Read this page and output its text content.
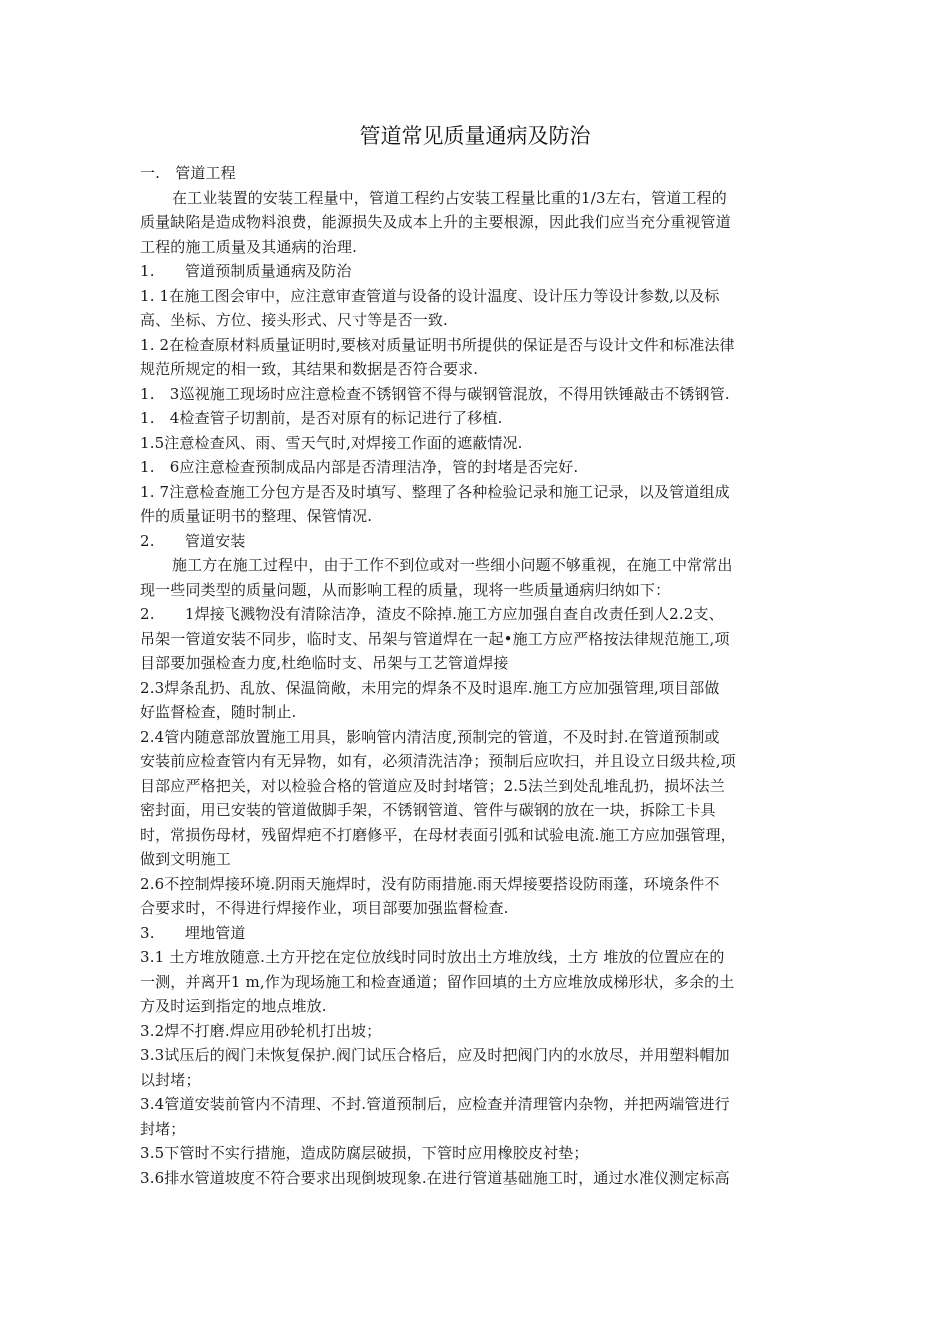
管道常见质量通病及防治
一.　管道工程
在工业装置的安装工程量中，管道工程约占安装工程量比重的1/3左右，管道工程的
质量缺陷是造成物料浪费，能源损失及成本上升的主要根源，因此我们应当充分重视管道
工程的施工质量及其通病的治理.
1.　　管道预制质量通病及防治
1. 1在施工图会审中，应注意审查管道与设备的设计温度、设计压力等设计参数,以及标
高、坐标、方位、接头形式、尺寸等是否一致.
1. 2在检查原材料质量证明时,要核对质量证明书所提供的保证是否与设计文件和标准法律
规范所规定的相一致，其结果和数据是否符合要求.
1.　3巡视施工现场时应注意检查不锈钢管不得与碳钢管混放，不得用铁锤敲击不锈钢管.
1.　4检查管子切割前，是否对原有的标记进行了移植.
1.5注意检查风、雨、雪天气时,对焊接工作面的遮蔽情况.
1.　6应注意检查预制成品内部是否清理洁净，管的封堵是否完好.
1. 7注意检查施工分包方是否及时填写、整理了各种检验记录和施工记录，以及管道组成
件的质量证明书的整理、保管情况.
2.　　管道安装
施工方在施工过程中，由于工作不到位或对一些细小问题不够重视，在施工中常常出
现一些同类型的质量问题，从而影响工程的质量，现将一些质量通病归纳如下：
2.　　1焊接飞溅物没有清除洁净，渣皮不除掉.施工方应加强自查自改责任到人2.2支、
吊架一管道安装不同步，临时支、吊架与管道焊在一起•施工方应严格按法律规范施工,项
目部要加强检查力度,杜绝临时支、吊架与工艺管道焊接
2.3焊条乱扔、乱放、保温筒敞，未用完的焊条不及时退库.施工方应加强管理,项目部做
好监督检查，随时制止.
2.4管内随意部放置施工用具，影响管内清洁度,预制完的管道，不及时封.在管道预制或
安装前应检查管内有无异物，如有，必须清洗洁净；预制后应吹扫，并且设立日级共检,项
目部应严格把关，对以检验合格的管道应及时封堵管；2.5法兰到处乱堆乱扔，损坏法兰
密封面，用已安装的管道做脚手架，不锈钢管道、管件与碳钢的放在一块，拆除工卡具
时，常损伤母材，残留焊疤不打磨修平，在母材表面引弧和试验电流.施工方应加强管理，
做到文明施工
2.6不控制焊接环境.阴雨天施焊时，没有防雨措施.雨天焊接要搭设防雨蓬，环境条件不
合要求时，不得进行焊接作业，项目部要加强监督检查.
3.　　埋地管道
3.1 土方堆放随意.土方开挖在定位放线时同时放出土方堆放线，土方 堆放的位置应在的
一测，并离开1 m,作为现场施工和检查通道；留作回填的土方应堆放成梯形状，多余的土
方及时运到指定的地点堆放.
3.2焊不打磨.焊应用砂轮机打出坡；
3.3试压后的阀门未恢复保护.阀门试压合格后，应及时把阀门内的水放尽，并用塑料帽加
以封堵；
3.4管道安装前管内不清理、不封.管道预制后，应检查并清理管内杂物，并把两端管进行
封堵；
3.5下管时不实行措施，造成防腐层破损，下管时应用橡胶皮衬垫；
3.6排水管道坡度不符合要求出现倒坡现象.在进行管道基础施工时，通过水准仪测定标高
